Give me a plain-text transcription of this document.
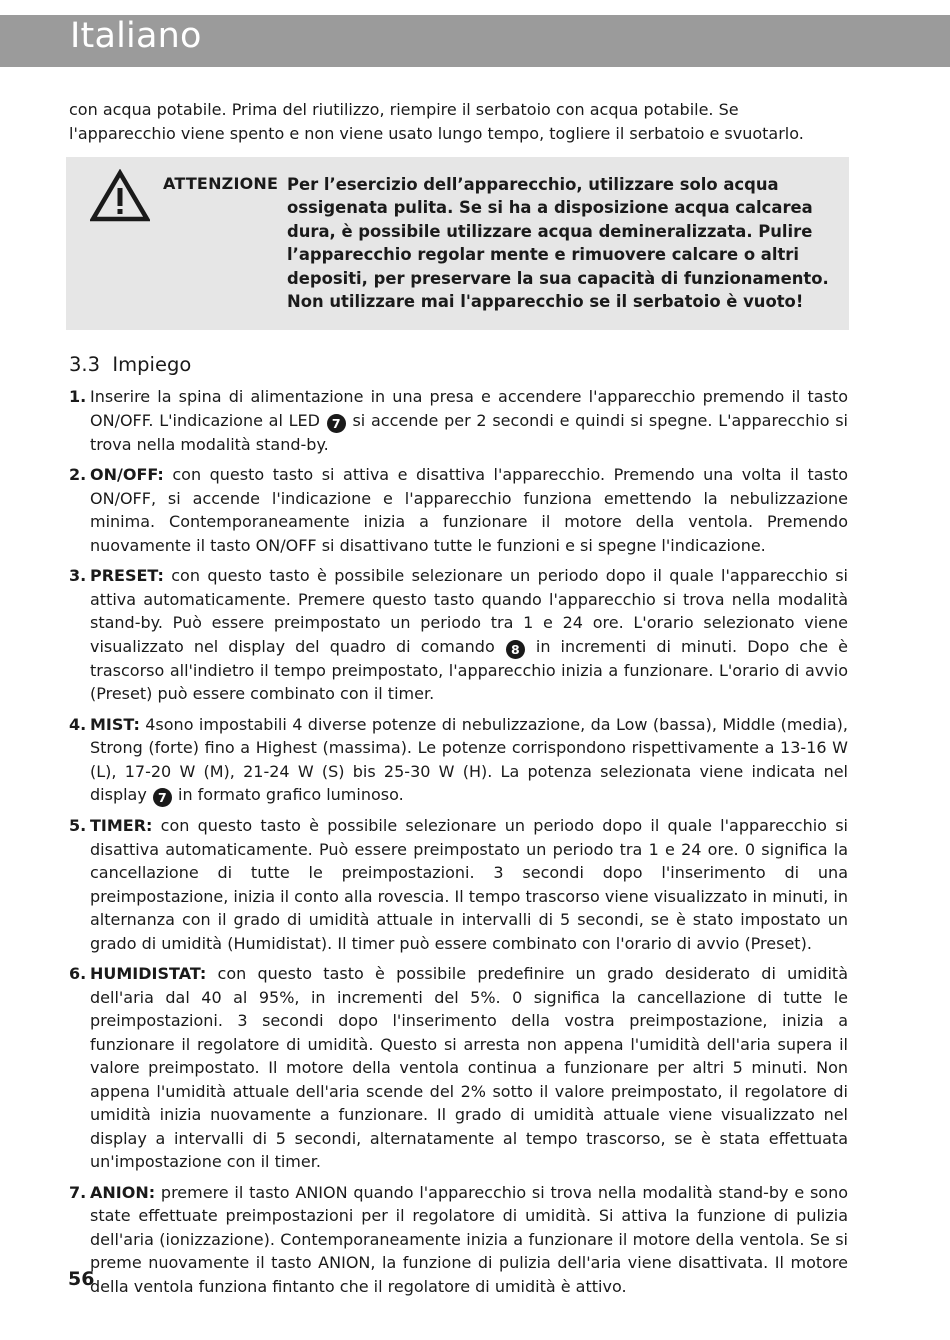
Italiano

con acqua potabile. Prima del riutilizzo, riempire il serbatoio con acqua potabile. Se l'apparecchio viene spento e non viene usato lungo tempo, togliere il serbatoio e svuotarlo.

ATTENZIONE Per l’esercizio dell’apparecchio, utilizzare solo acqua ossigenata pulita. Se si ha a disposizione acqua calcarea dura, è possibile utilizzare acqua demineralizzata. Pulire l’apparecchio regolar mente e rimuovere calcare o altri depositi, per preservare la sua capacità di funzionamento.

Non utilizzare mai l'apparecchio se il serbatoio è vuoto!

3.3 Impiego
1. Inserire la spina di alimentazione in una presa e accendere l'apparecchio premendo il tasto ON/OFF. L'indicazione al LED 7 si accende per 2 secondi e quindi si spegne. L'apparecchio si trova nella modalità stand-by.
2. ON/OFF: con questo tasto si attiva e disattiva l'apparecchio. Premendo una volta il tasto ON/OFF, si accende l'indicazione e l'apparecchio funziona emettendo la nebulizzazione minima. Contemporaneamente inizia a funzionare il motore della ventola. Premendo nuovamente il tasto ON/OFF si disattivano tutte le funzioni e si spegne l'indicazione.
3. PRESET: con questo tasto è possibile selezionare un periodo dopo il quale l'apparecchio si attiva automaticamente. Premere questo tasto quando l'apparecchio si trova nella modalità stand-by. Può essere preimpostato un periodo tra 1 e 24 ore. L'orario selezionato viene visualizzato nel display del quadro di comando 8 in incrementi di minuti. Dopo che è trascorso all'indietro il tempo preimpostato, l'apparecchio inizia a funzionare. L'orario di avvio (Preset) può essere combinato con il timer.
4. MIST: 4sono impostabili 4 diverse potenze di nebulizzazione, da Low (bassa), Middle (media), Strong (forte) fino a Highest (massima). Le potenze corrispondono rispettivamente a 13-16 W (L), 17-20 W (M), 21-24 W (S) bis 25-30 W (H). La potenza selezionata viene indicata nel display 7 in formato grafico luminoso.
5. TIMER: con questo tasto è possibile selezionare un periodo dopo il quale l'apparecchio si disattiva automaticamente. Può essere preimpostato un periodo tra 1 e 24 ore. 0 significa la cancellazione di tutte le preimpostazioni. 3 secondi dopo l'inserimento di una preimpostazione, inizia il conto alla rovescia. Il tempo trascorso viene visualizzato in minuti, in alternanza con il grado di umidità attuale in intervalli di 5 secondi, se è stato impostato un grado di umidità (Humidistat). Il timer può essere combinato con l'orario di avvio (Preset).
6. HUMIDISTAT: con questo tasto è possibile predefinire un grado desiderato di umidità dell'aria dal 40 al 95%, in incrementi del 5%. 0 significa la cancellazione di tutte le preimpostazioni. 3 secondi dopo l'inserimento della vostra preimpostazione, inizia a funzionare il regolatore di umidità. Questo si arresta non appena l'umidità dell'aria supera il valore preimpostato. Il motore della ventola continua a funzionare per altri 5 minuti. Non appena l'umidità attuale dell'aria scende del 2% sotto il valore preimpostato, il regolatore di umidità inizia nuovamente a funzionare. Il grado di umidità attuale viene visualizzato nel display a intervalli di 5 secondi, alternatamente al tempo trascorso, se è stata effettuata un'impostazione con il timer.
7. ANION: premere il tasto ANION quando l'apparecchio si trova nella modalità stand-by e sono state effettuate preimpostazioni per il regolatore di umidità. Si attiva la funzione di pulizia dell'aria (ionizzazione). Contemporaneamente inizia a funzionare il motore della ventola. Se si preme nuovamente il tasto ANION, la funzione di pulizia dell'aria viene disattivata. Il motore della ventola funziona fintanto che il regolatore di umidità è attivo.
56
